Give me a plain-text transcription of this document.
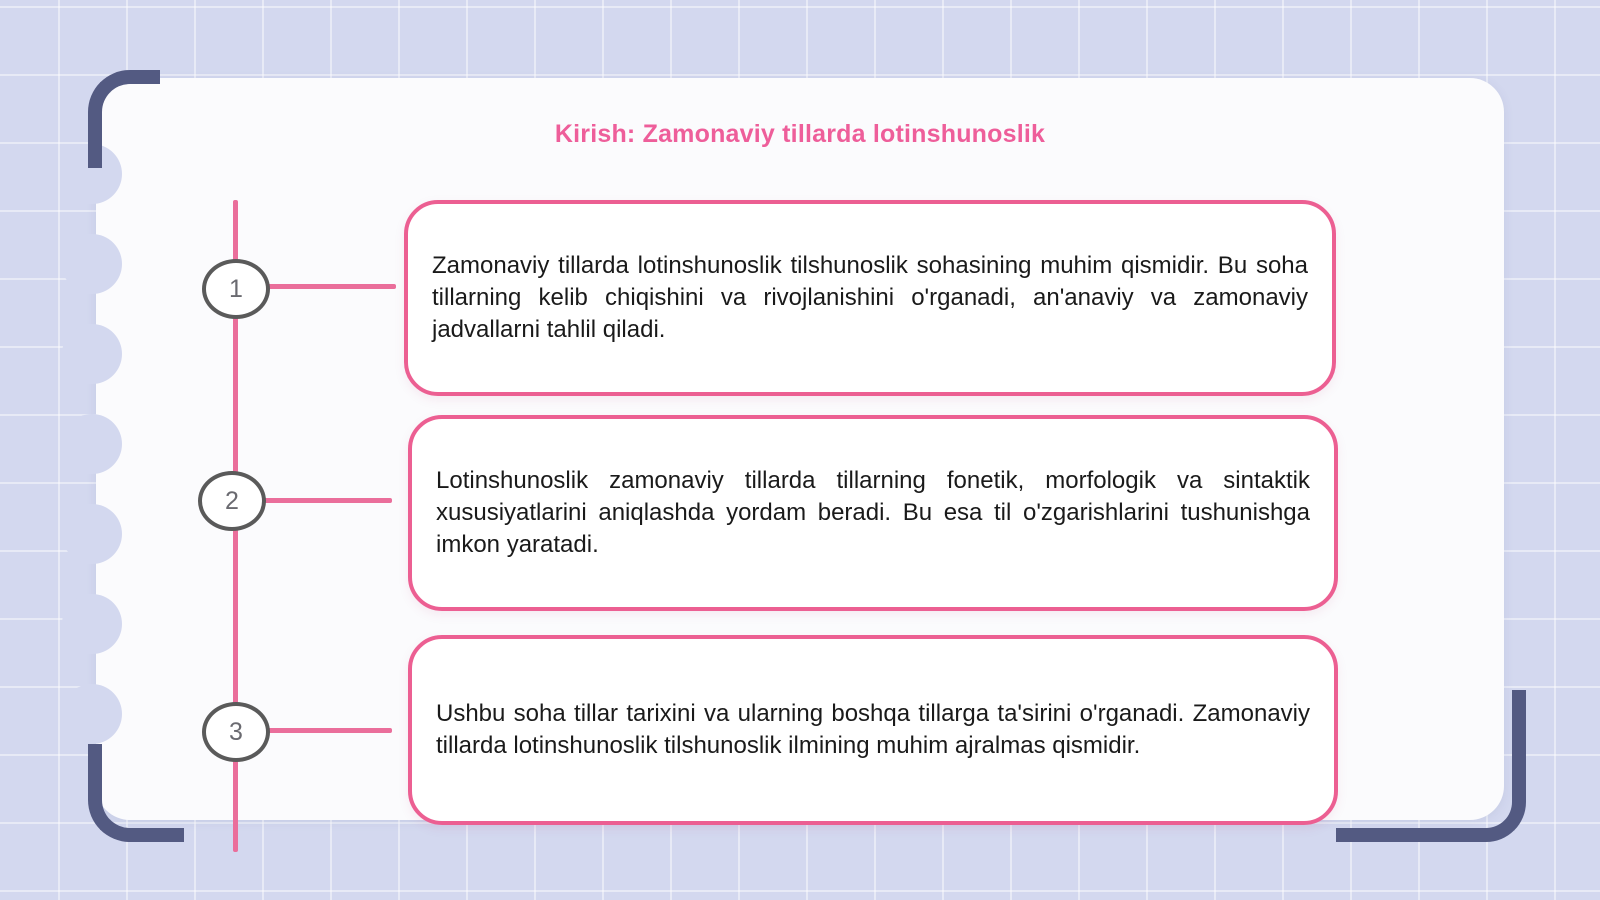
Kirish: Zamonaviy tillarda lotinshunoslik
1
2
3

Zamonaviy tillarda lotinshunoslik tilshunoslik sohasining muhim qismidir. Bu soha tillarning kelib chiqishini va rivojlanishini o'rganadi, an'anaviy va zamonaviy jadvallarni tahlil qiladi.

Lotinshunoslik zamonaviy tillarda tillarning fonetik, morfologik va sintaktik xususiyatlarini aniqlashda yordam beradi. Bu esa til o'zgarishlarini tushunishga imkon yaratadi.

Ushbu soha tillar tarixini va ularning boshqa tillarga ta'sirini o'rganadi. Zamonaviy tillarda lotinshunoslik tilshunoslik ilmining muhim ajralmas qismidir.
